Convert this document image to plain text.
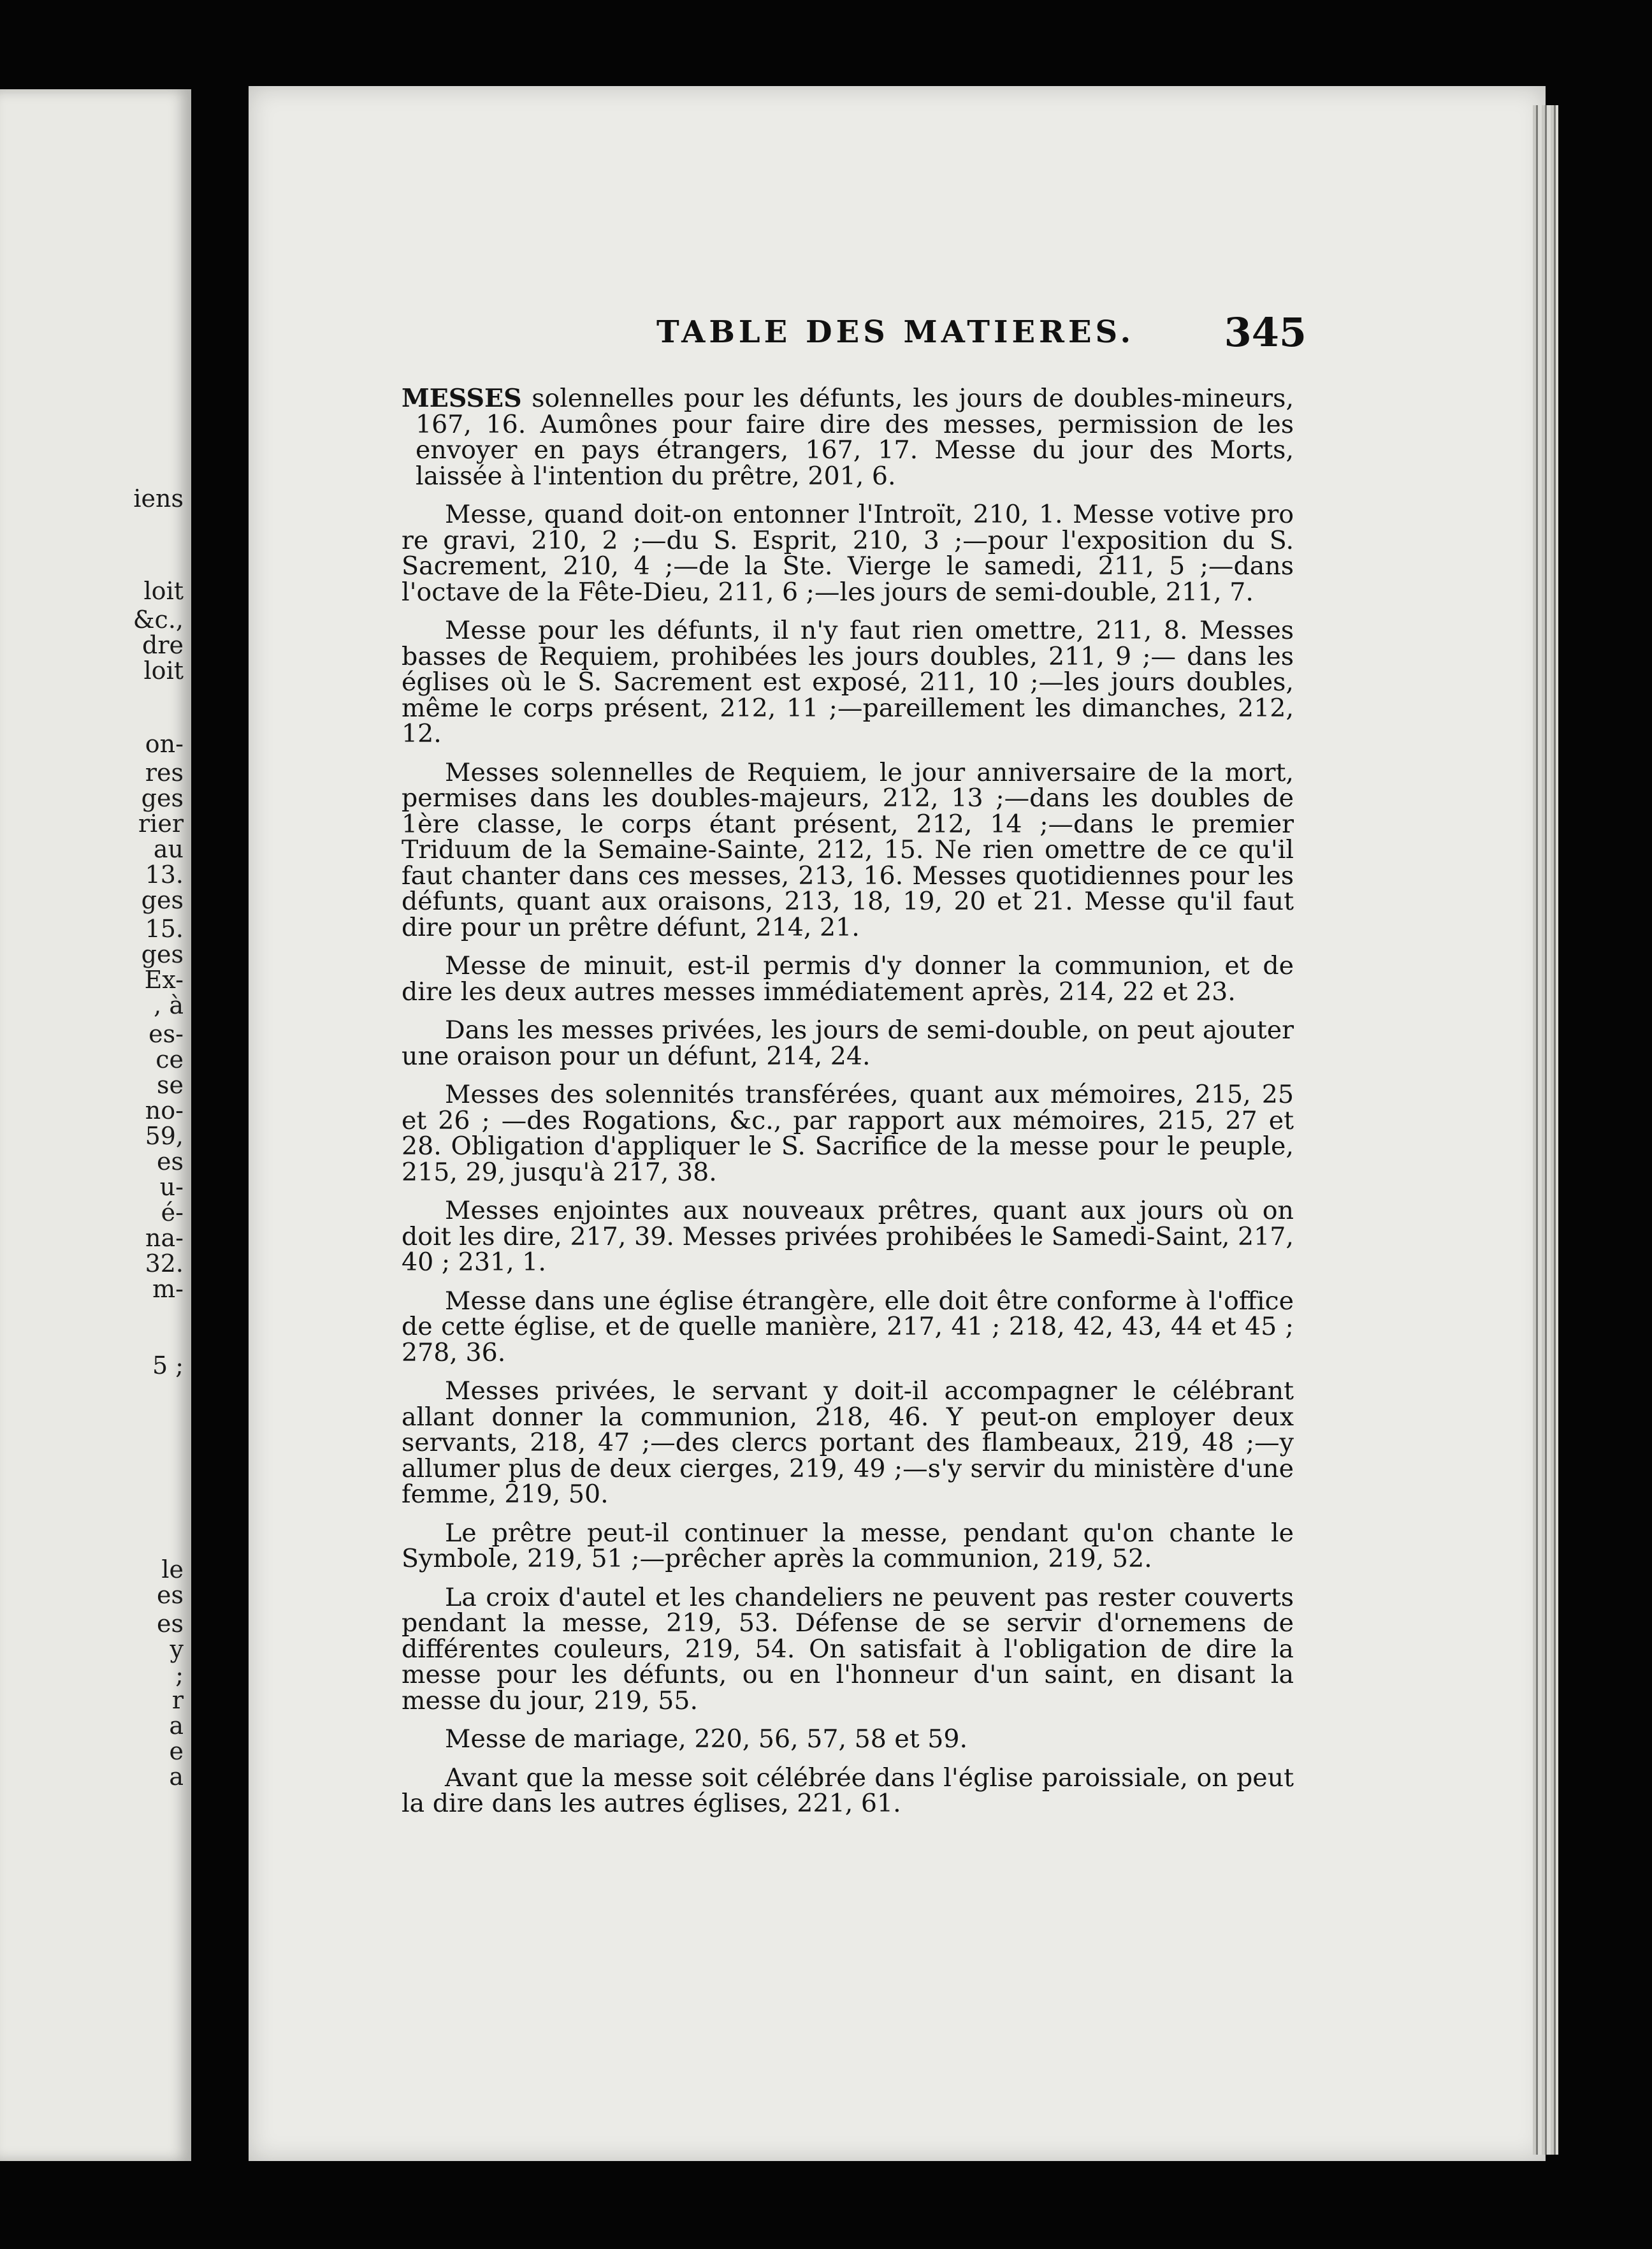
iens

loit

&c.,

dre

loit

on-

res

ges

rier

au

13.

ges

15.

ges

Ex-

, à

es-

ce

se

no-

59,

es

u-

é-

na-

32.

m-

5 ;

le

es

es

y

;

r

a

e

a

TABLE DES MATIERES. 345

MESSES solennelles pour les défunts, les jours de doubles-mineurs, 167, 16. Aumônes pour faire dire des messes, permission de les envoyer en pays étrangers, 167, 17. Messe du jour des Morts, laissée à l'intention du prêtre, 201, 6.

Messe, quand doit-on entonner l'Introït, 210, 1. Messe votive pro re gravi, 210, 2 ;—du S. Esprit, 210, 3 ;—pour l'exposition du S. Sacrement, 210, 4 ;—de la Ste. Vierge le samedi, 211, 5 ;—dans l'octave de la Fête-Dieu, 211, 6 ;—les jours de semi-double, 211, 7.

Messe pour les défunts, il n'y faut rien omettre, 211, 8. Messes basses de Requiem, prohibées les jours doubles, 211, 9 ;— dans les églises où le S. Sacrement est exposé, 211, 10 ;—les jours doubles, même le corps présent, 212, 11 ;—pareillement les dimanches, 212, 12.

Messes solennelles de Requiem, le jour anniversaire de la mort, permises dans les doubles-majeurs, 212, 13 ;—dans les doubles de 1ère classe, le corps étant présent, 212, 14 ;—dans le premier Triduum de la Semaine-Sainte, 212, 15. Ne rien omettre de ce qu'il faut chanter dans ces messes, 213, 16. Messes quotidiennes pour les défunts, quant aux oraisons, 213, 18, 19, 20 et 21. Messe qu'il faut dire pour un prêtre défunt, 214, 21.

Messe de minuit, est-il permis d'y donner la communion, et de dire les deux autres messes immédiatement après, 214, 22 et 23.

Dans les messes privées, les jours de semi-double, on peut ajouter une oraison pour un défunt, 214, 24.

Messes des solennités transférées, quant aux mémoires, 215, 25 et 26 ; —des Rogations, &c., par rapport aux mémoires, 215, 27 et 28. Obligation d'appliquer le S. Sacrifice de la messe pour le peuple, 215, 29, jusqu'à 217, 38.

Messes enjointes aux nouveaux prêtres, quant aux jours où on doit les dire, 217, 39. Messes privées prohibées le Samedi-Saint, 217, 40 ; 231, 1.

Messe dans une église étrangère, elle doit être conforme à l'office de cette église, et de quelle manière, 217, 41 ; 218, 42, 43, 44 et 45 ; 278, 36.

Messes privées, le servant y doit-il accompagner le célébrant allant donner la communion, 218, 46. Y peut-on employer deux servants, 218, 47 ;—des clercs portant des flambeaux, 219, 48 ;—y allumer plus de deux cierges, 219, 49 ;—s'y servir du ministère d'une femme, 219, 50.

Le prêtre peut-il continuer la messe, pendant qu'on chante le Symbole, 219, 51 ;—prêcher après la communion, 219, 52.

La croix d'autel et les chandeliers ne peuvent pas rester couverts pendant la messe, 219, 53. Défense de se servir d'ornemens de différentes couleurs, 219, 54. On satisfait à l'obligation de dire la messe pour les défunts, ou en l'honneur d'un saint, en disant la messe du jour, 219, 55.

Messe de mariage, 220, 56, 57, 58 et 59.

Avant que la messe soit célébrée dans l'église paroissiale, on peut la dire dans les autres églises, 221, 61.
